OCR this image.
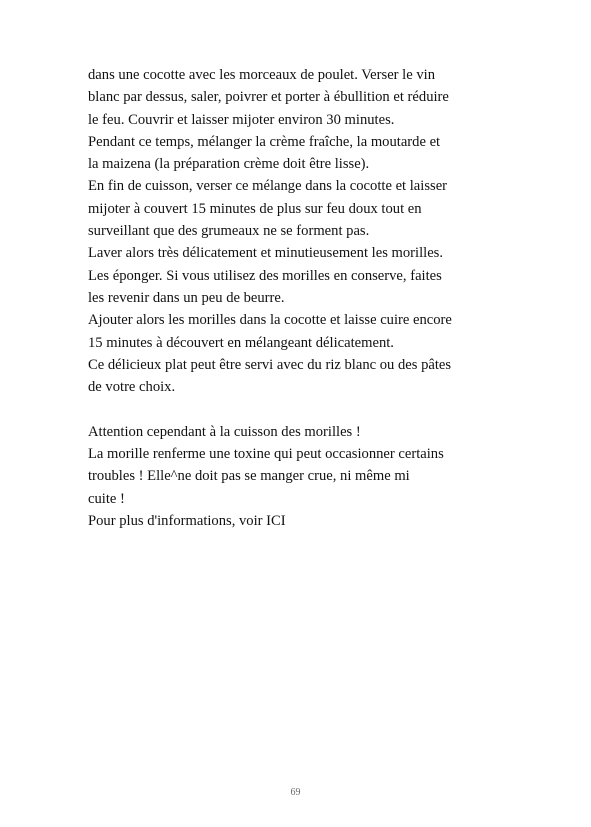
dans une cocotte avec les morceaux de poulet. Verser le vin
blanc par dessus, saler, poivrer et porter à ébullition et réduire
le feu. Couvrir et laisser mijoter environ 30 minutes.

Pendant ce temps, mélanger la crème fraîche, la moutarde et
la maizena (la préparation crème doit être lisse).

En fin de cuisson, verser ce mélange dans la cocotte et laisser
mijoter à couvert 15 minutes de plus sur feu doux tout en
surveillant que des grumeaux ne se forment pas.

Laver alors très délicatement et minutieusement les morilles.
Les éponger. Si vous utilisez des morilles en conserve, faites
les revenir dans un peu de beurre.

Ajouter alors les morilles dans la cocotte et laisse cuire encore
15 minutes à découvert en mélangeant délicatement.

Ce délicieux plat peut être servi avec du riz blanc ou des pâtes
de votre choix.

Attention cependant à la cuisson des morilles !

La morille renferme une toxine qui peut occasionner certains
troubles ! Elle^ne doit pas se manger crue, ni même mi
cuite !

Pour plus d'informations, voir ICI

69
